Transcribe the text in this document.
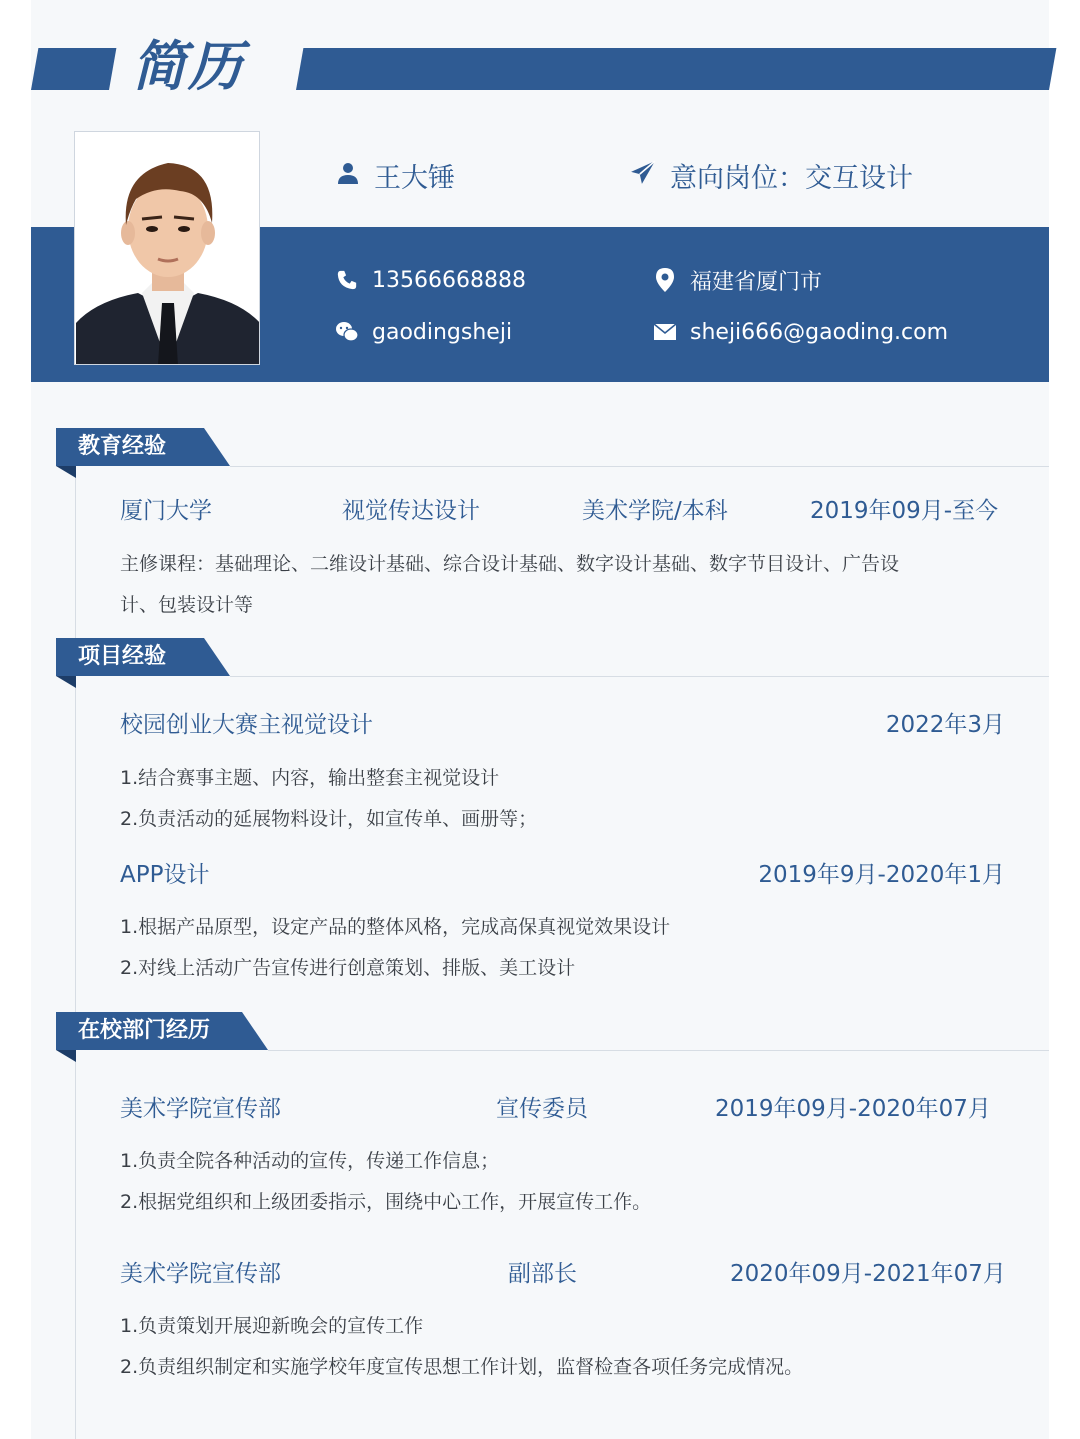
简历
王大锤	意向岗位：交互设计
13566668888	福建省厦门市
gaodingsheji	sheji666@gaoding.com
教育经验
厦门大学	视觉传达设计	美术学院/本科	2019年09月-至今
主修课程：基础理论、二维设计基础、综合设计基础、数字设计基础、数字节目设计、广告设
计、包装设计等
项目经验
校园创业大赛主视觉设计	2022年3月
1.结合赛事主题、内容，输出整套主视觉设计
2.负责活动的延展物料设计，如宣传单、画册等；
APP设计	2019年9月-2020年1月
1.根据产品原型，设定产品的整体风格，完成高保真视觉效果设计
2.对线上活动广告宣传进行创意策划、排版、美工设计
在校部门经历
美术学院宣传部	宣传委员	2019年09月-2020年07月
1.负责全院各种活动的宣传，传递工作信息；
2.根据党组织和上级团委指示，围绕中心工作，开展宣传工作。
美术学院宣传部	副部长	2020年09月-2021年07月
1.负责策划开展迎新晚会的宣传工作
2.负责组织制定和实施学校年度宣传思想工作计划，监督检查各项任务完成情况。
